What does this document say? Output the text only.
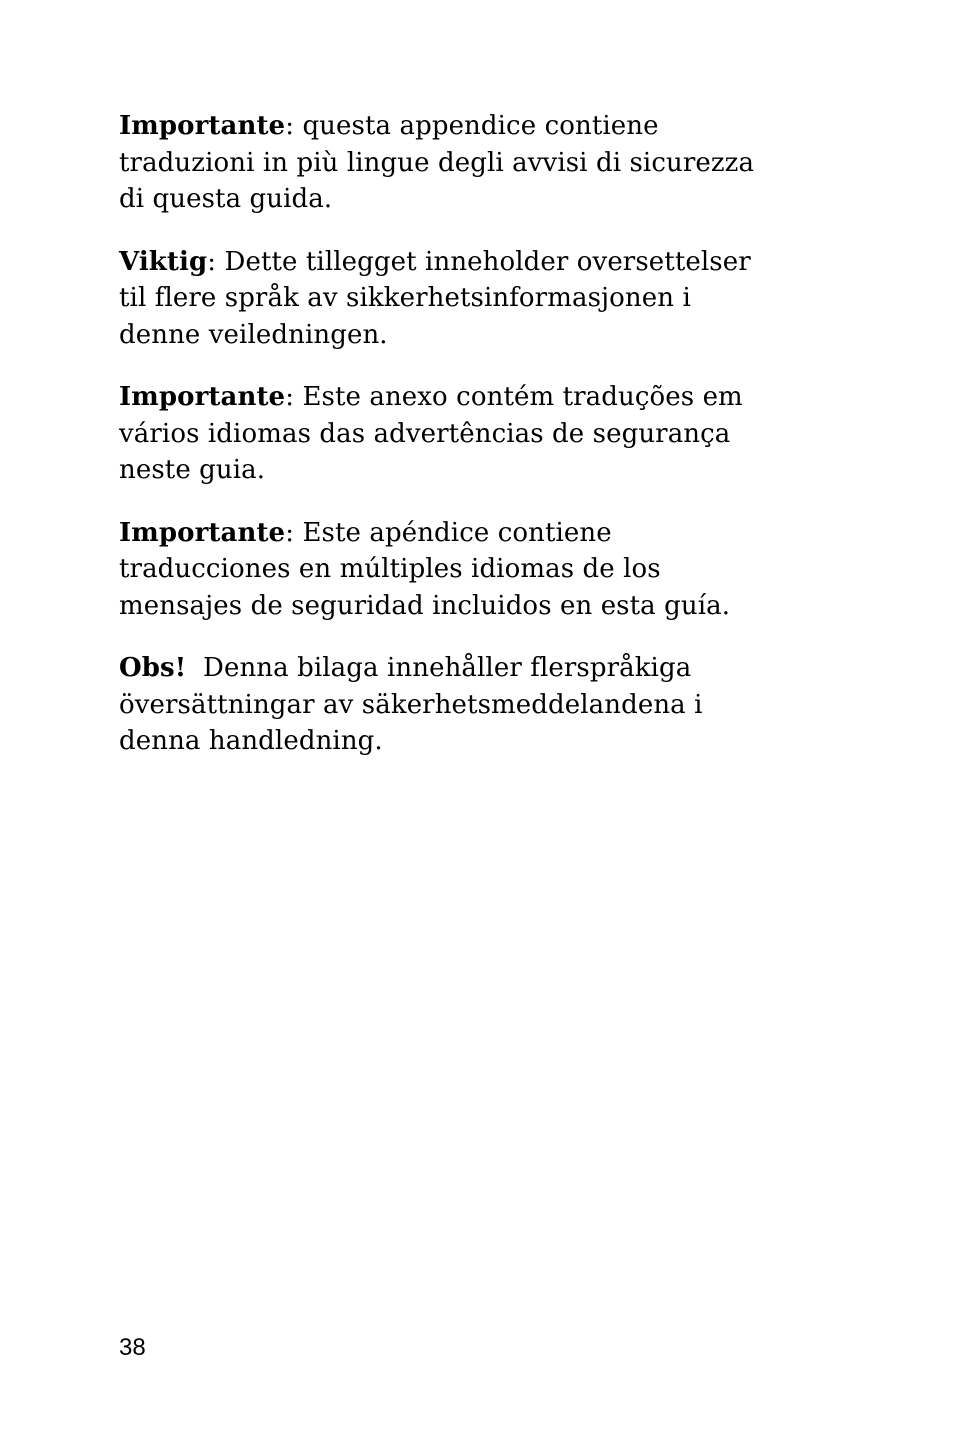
Importante: questa appendice contiene
traduzioni in più lingue degli avvisi di sicurezza
di questa guida.

Viktig: Dette tillegget inneholder oversettelser
til flere språk av sikkerhetsinformasjonen i
denne veiledningen.

Importante: Este anexo contém traduções em
vários idiomas das advertências de segurança
neste guia.

Importante: Este apéndice contiene
traducciones en múltiples idiomas de los
mensajes de seguridad incluidos en esta guía.

Obs!  Denna bilaga innehåller flerspråkiga
översättningar av säkerhetsmeddelandena i
denna handledning.

38
